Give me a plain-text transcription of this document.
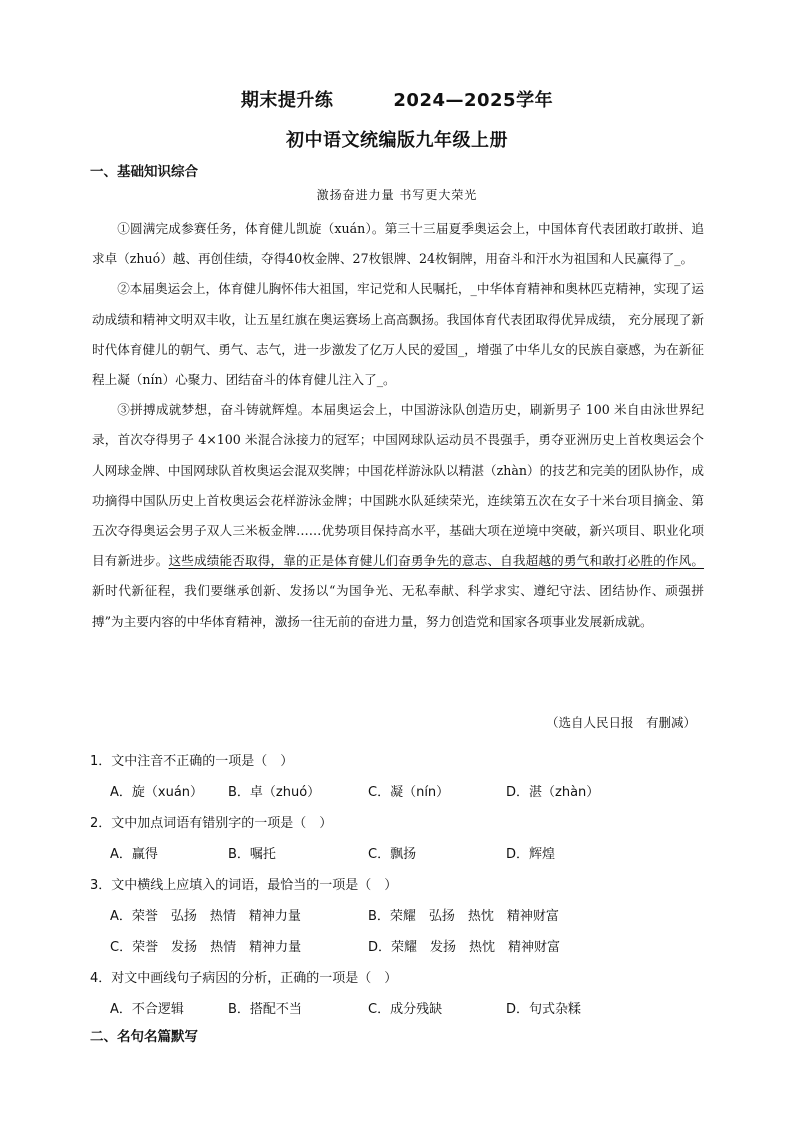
期末提升练	2024—2025学年
初中语文统编版九年级上册
一、基础知识综合
激扬奋进力量 书写更大荣光

①圆满完成参赛任务，体育健儿凯旋（xuán）。第三十三届夏季奥运会上，中国体育代表团敢打敢拼、追求卓（zhuó）越、再创佳绩，夺得40枚金牌、27枚银牌、24枚铜牌，用奋斗和汗水为祖国和人民赢得了_。

②本届奥运会上，体育健儿胸怀伟大祖国，牢记党和人民嘱托，_中华体育精神和奥林匹克精神，实现了运动成绩和精神文明双丰收，让五星红旗在奥运赛场上高高飘扬。我国体育代表团取得优异成绩， 充分展现了新时代体育健儿的朝气、勇气、志气，进一步激发了亿万人民的爱国_，增强了中华儿女的民族自豪感，为在新征程上凝（nín）心聚力、团结奋斗的体育健儿注入了_。

③拼搏成就梦想，奋斗铸就辉煌。本届奥运会上，中国游泳队创造历史，刷新男子 100 米自由泳世界纪录，首次夺得男子 4×100 米混合泳接力的冠军；中国网球队运动员不畏强手，勇夺亚洲历史上首枚奥运会个人网球金牌、中国网球队首枚奥运会混双奖牌；中国花样游泳队以精湛（zhàn）的技艺和完美的团队协作，成功摘得中国队历史上首枚奥运会花样游泳金牌；中国跳水队延续荣光，连续第五次在女子十米台项目摘金、第五次夺得奥运会男子双人三米板金牌……优势项目保持高水平，基础大项在逆境中突破，新兴项目、职业化项目有新进步。这些成绩能否取得，靠的正是体育健儿们奋勇争先的意志、自我超越的勇气和敢打必胜的作风。新时代新征程，我们要继承创新、发扬以“为国争光、无私奉献、科学求实、遵纪守法、团结协作、顽强拼搏”为主要内容的中华体育精神，激扬一往无前的奋进力量，努力创造党和国家各项事业发展新成就。

（选自人民日报　有删减）
1．文中注音不正确的一项是（　）
A．旋（xuán） B．卓（zhuó）	C．凝（nín）	D．湛（zhàn）
2．文中加点词语有错别字的一项是（　）
A．赢得	B．嘱托	C．飘扬	D．辉煌
3．文中横线上应填入的词语，最恰当的一项是（　）
A．荣誉　弘扬　热情　精神力量	B．荣耀　弘扬　热忱　精神财富
C．荣誉　发扬　热情　精神力量	D．荣耀　发扬　热忱　精神财富
4．对文中画线句子病因的分析，正确的一项是（　）
A．不合逻辑	B．搭配不当	C．成分残缺	D．句式杂糅
二、名句名篇默写
